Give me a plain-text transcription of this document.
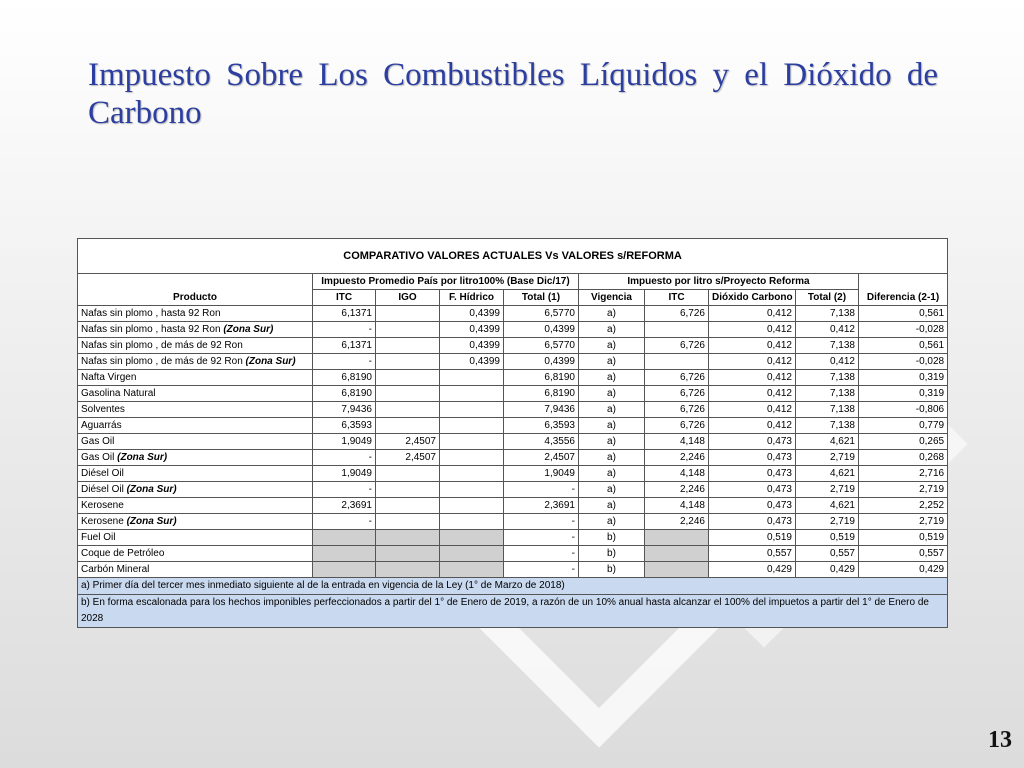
Impuesto Sobre Los Combustibles Líquidos y el Dióxido de Carbono
COMPARATIVO VALORES ACTUALES Vs VALORES s/REFORMA									
Producto	Impuesto Promedio País por litro100% (Base Dic/17)				Impuesto por litro s/Proyecto Reforma				Diferencia (2-1)
	ITC	IGO	F. Hídrico	Total (1)	Vigencia	ITC	Dióxido Carbono	Total (2)	
Nafas sin plomo , hasta 92 Ron	6,1371		0,4399	6,5770	a)	6,726	0,412	7,138	0,561
Nafas sin plomo , hasta 92 Ron (Zona Sur)	-		0,4399	0,4399	a)		0,412	0,412	-0,028
Nafas sin plomo , de más de 92 Ron	6,1371		0,4399	6,5770	a)	6,726	0,412	7,138	0,561
Nafas sin plomo , de más de 92 Ron (Zona Sur)	-		0,4399	0,4399	a)		0,412	0,412	-0,028
Nafta Virgen	6,8190			6,8190	a)	6,726	0,412	7,138	0,319
Gasolina Natural	6,8190			6,8190	a)	6,726	0,412	7,138	0,319
Solventes	7,9436			7,9436	a)	6,726	0,412	7,138	-0,806
Aguarrás	6,3593			6,3593	a)	6,726	0,412	7,138	0,779
Gas Oil	1,9049	2,4507		4,3556	a)	4,148	0,473	4,621	0,265
Gas Oil (Zona Sur)	-	2,4507		2,4507	a)	2,246	0,473	2,719	0,268
Diésel Oil	1,9049			1,9049	a)	4,148	0,473	4,621	2,716
Diésel Oil (Zona Sur)	-			-	a)	2,246	0,473	2,719	2,719
Kerosene	2,3691			2,3691	a)	4,148	0,473	4,621	2,252
Kerosene (Zona Sur)	-			-	a)	2,246	0,473	2,719	2,719
Fuel Oil				-	b)		0,519	0,519	0,519
Coque de Petróleo				-	b)		0,557	0,557	0,557
Carbón Mineral				-	b)		0,429	0,429	0,429
a) Primer día del tercer mes inmediato siguiente al de la entrada en vigencia de la Ley (1° de Marzo de 2018)									
b) En forma escalonada para los hechos imponibles perfeccionados a partir del 1° de Enero de 2019, a razón de un 10% anual hasta alcanzar el 100% del impuetos a partir del 1° de Enero de 2028									
13
